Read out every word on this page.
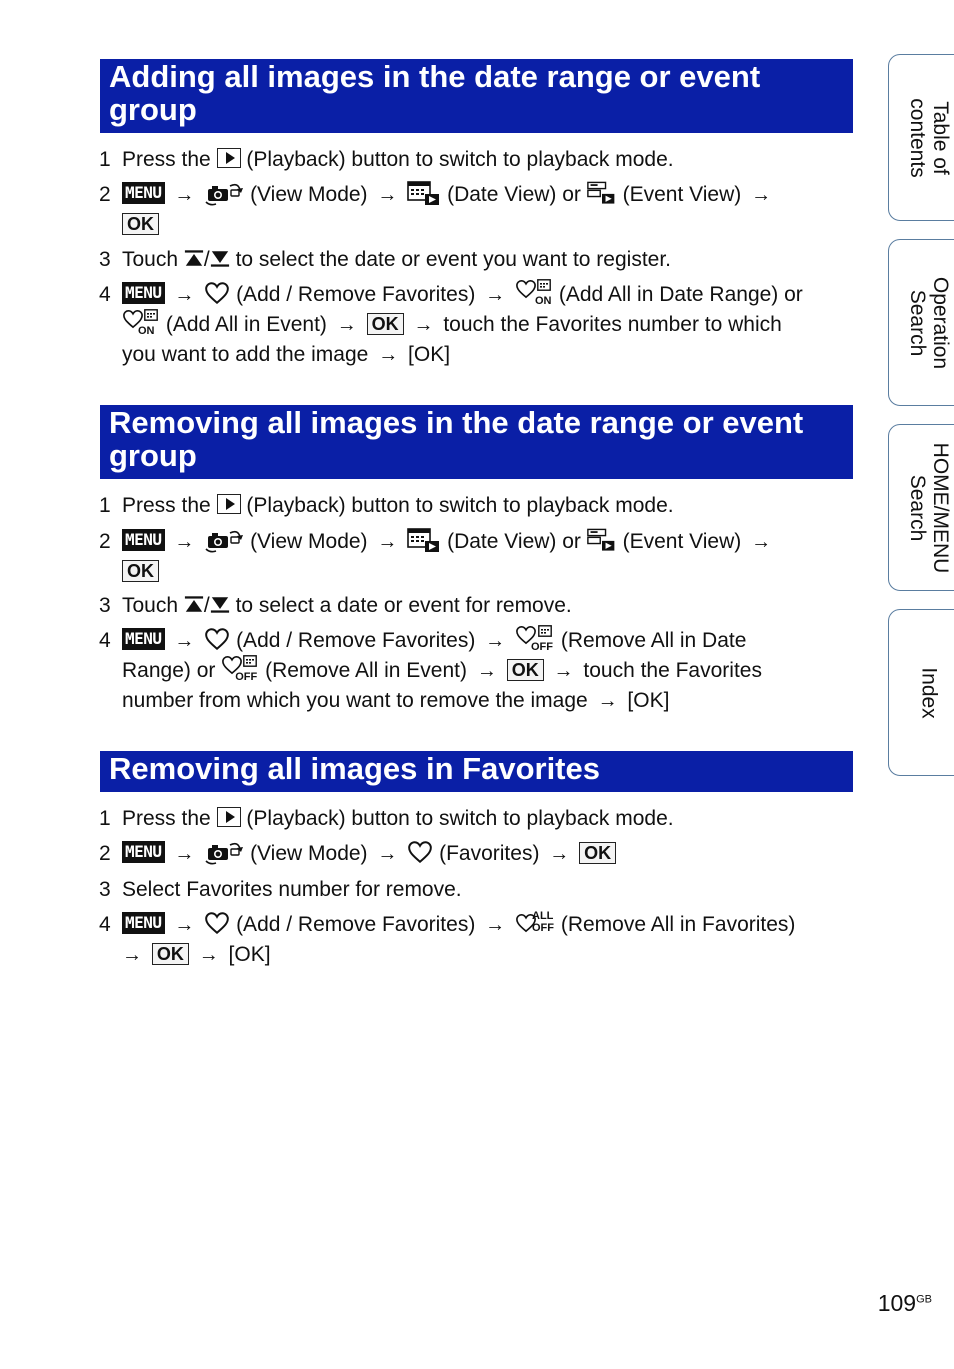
Adding all images in the date range or event group
1 Press the (Playback) button to switch to playback mode.
2 MENU →	(View Mode) → (Date View) or (Event View) →
OK
3 Touch / to select the date or event you want to register.
4 MENU → (Add / Remove Favorites) →	ON (Add All in Date Range) or

ON (Add All in Event) → OK → touch the Favorites number to which
you want to add the image → [OK]
Removing all images in the date range or event group
1 Press the (Playback) button to switch to playback mode.
2 MENU →	(View Mode) → (Date View) or (Event View) →
OK
3 Touch / to select a date or event for remove.
4 MENU → (Add / Remove Favorites) → OFF (Remove All in Date
Range) or OFF (Remove All in Event) → OK → touch the Favorites
number from which you want to remove the image → [OK]
Removing all images in Favorites
1 Press the (Playback) button to switch to playback mode.
2 MENU →	(View Mode) → (Favorites) → OK
3 Select Favorites number for remove.
4 MENU → (Add / Remove Favorites) → ALL
OFF (Remove All in Favorites)
→ OK → [OK]
Table of
contents
Operation
Search
HOME/MENU
Search
Index
$109^{GB}$
